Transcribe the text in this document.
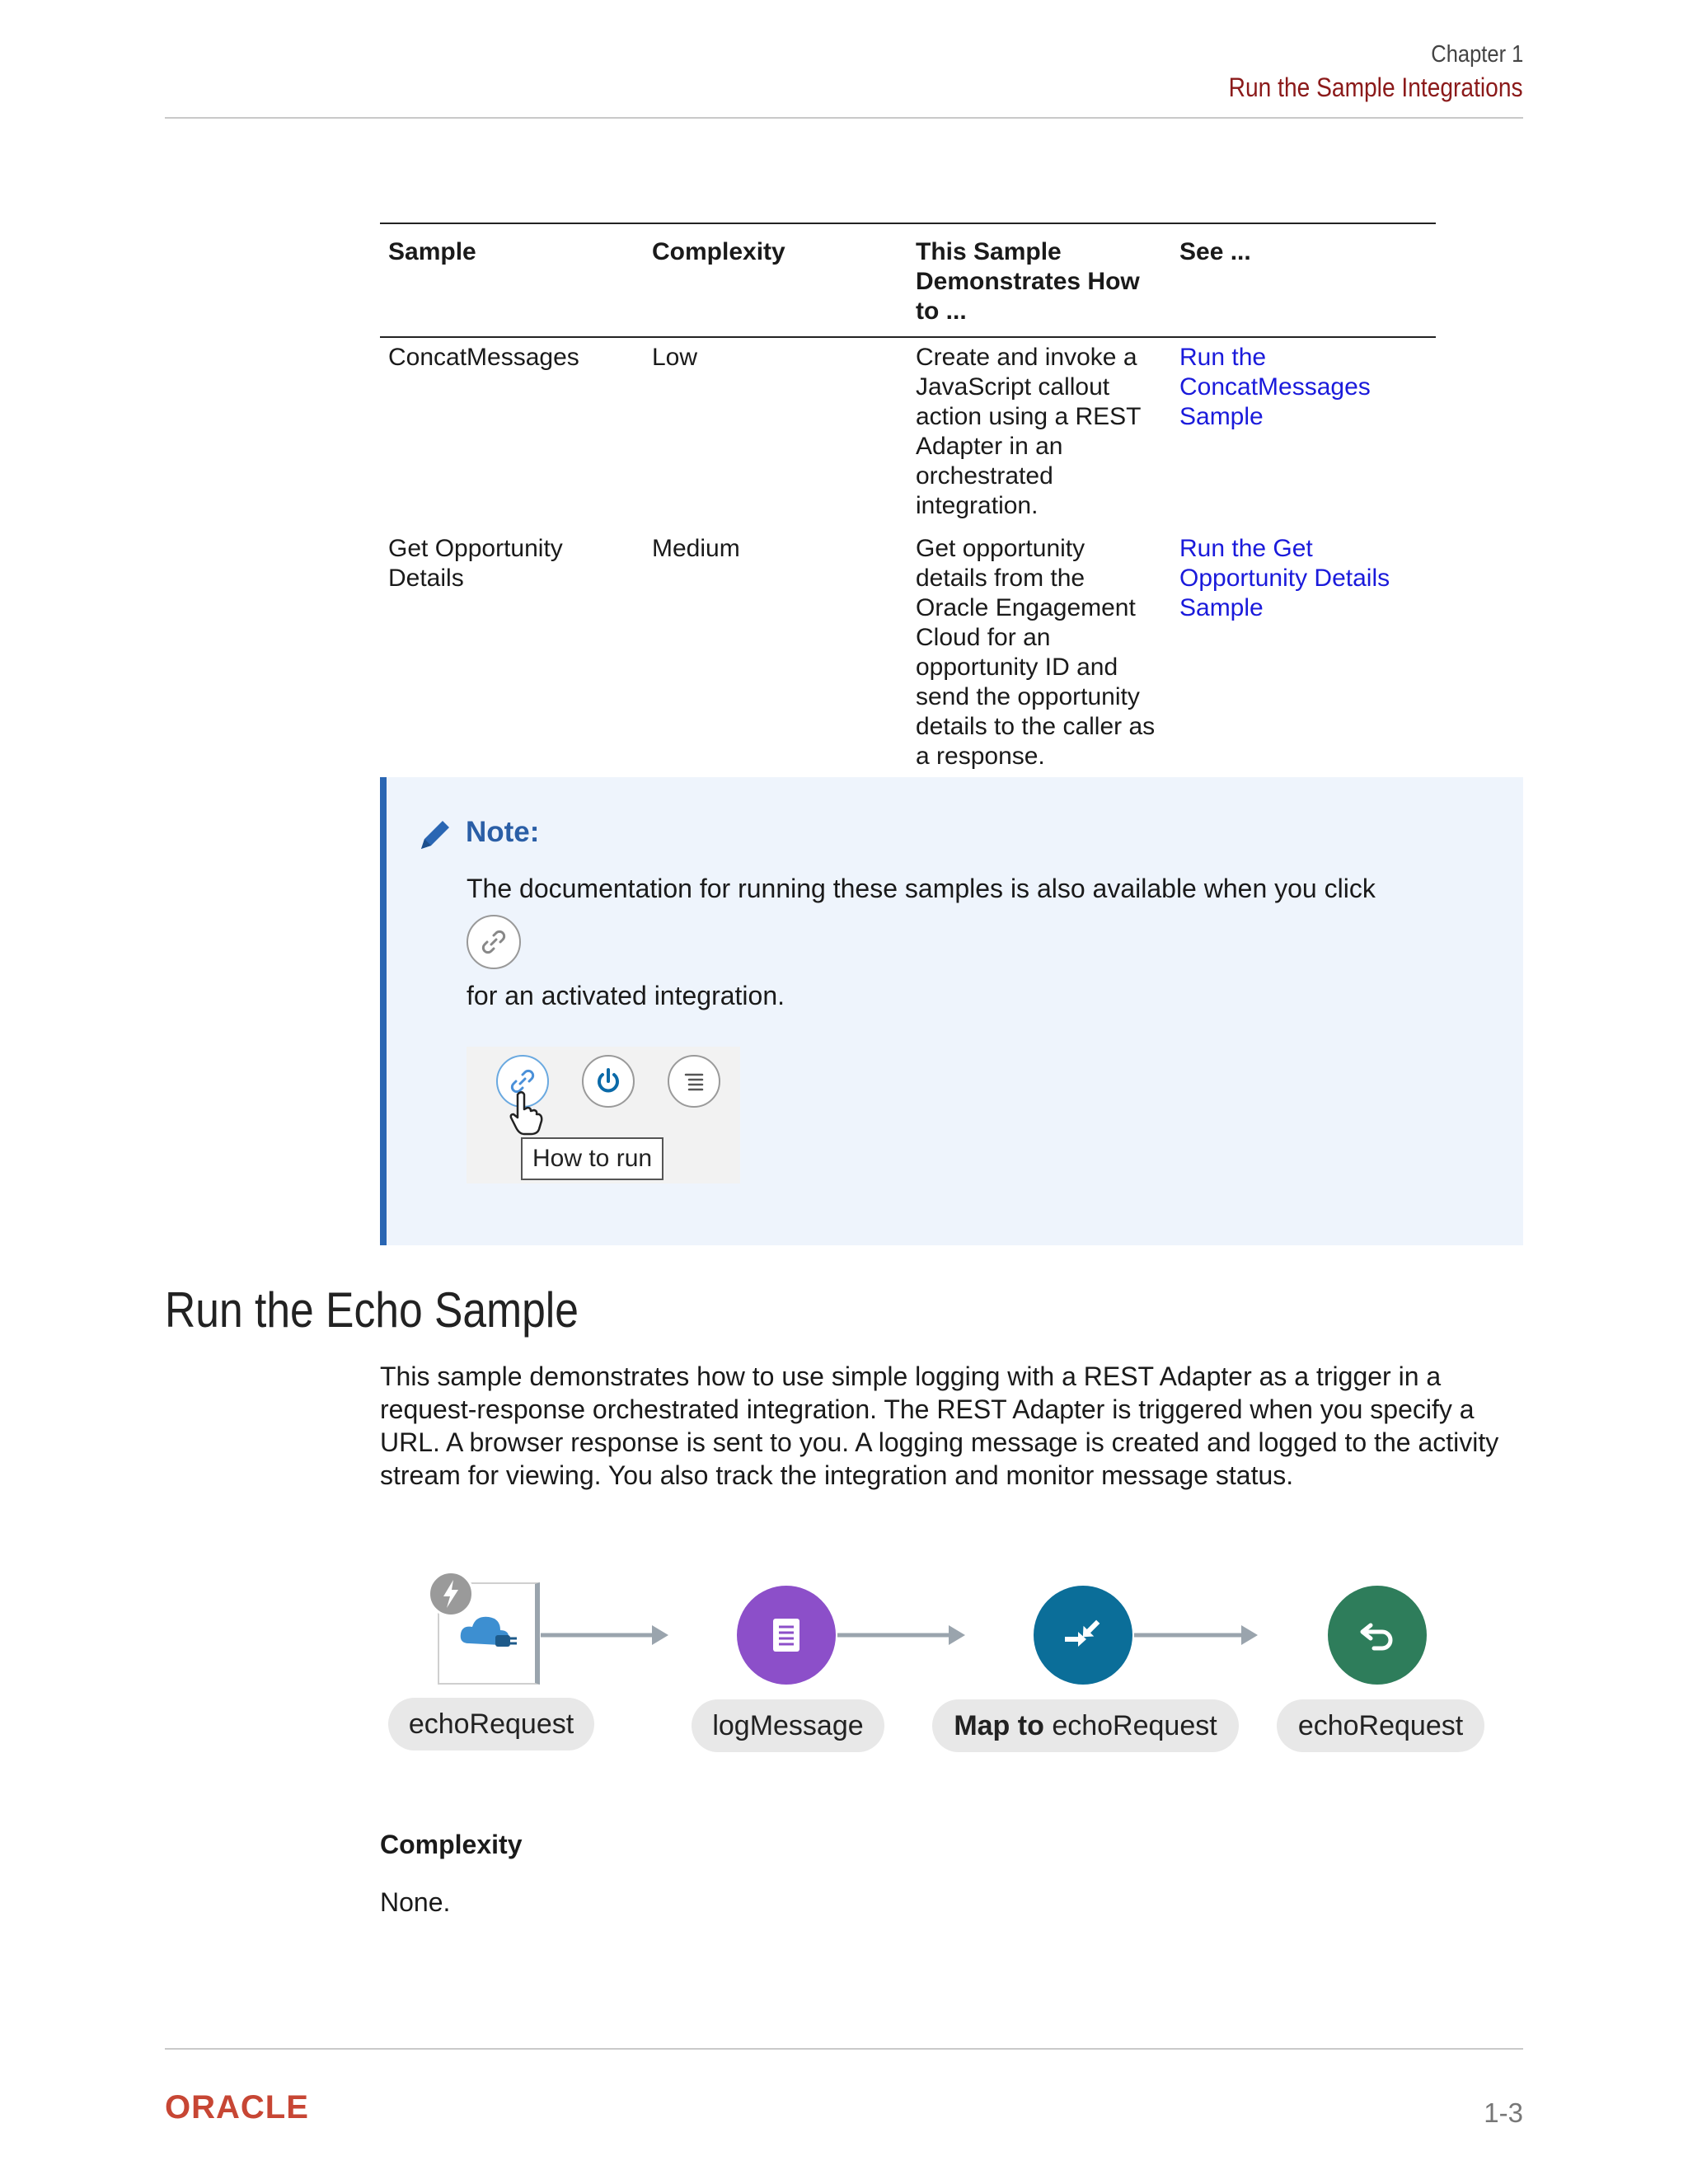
Chapter 1
Run the Sample Integrations
Sample	Complexity	This Sample Demonstrates How to ...	See ...
ConcatMessages	Low	Create and invoke a JavaScript callout action using a REST Adapter in an orchestrated integration.	Run the ConcatMessages Sample
Get Opportunity Details	Medium	Get opportunity details from the Oracle Engagement Cloud for an opportunity ID and send the opportunity details to the caller as a response.	Run the Get Opportunity Details Sample
Note:
The documentation for running these samples is also available when you click
for an activated integration.
How to run
Run the Echo Sample
This sample demonstrates how to use simple logging with a REST Adapter as a trigger in a request-response orchestrated integration. The REST Adapter is triggered when you specify a URL. A browser response is sent to you. A logging message is created and logged to the activity stream for viewing. You also track the integration and monitor message status.
echoRequest	logMessage	Map to echoRequest	echoRequest
Complexity
None.
ORACLE	1-3
